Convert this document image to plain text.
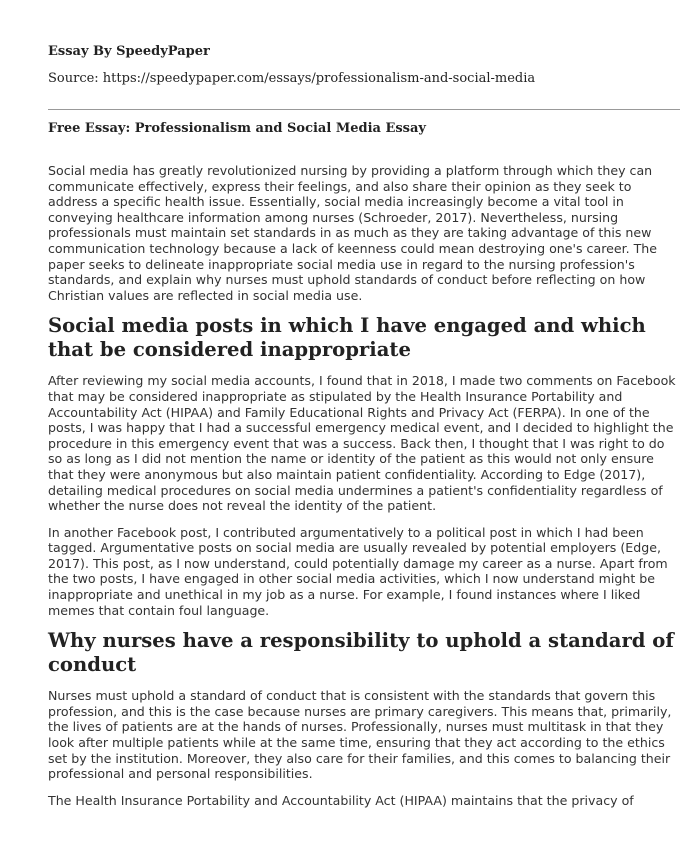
Essay By SpeedyPaper
Source: https://speedypaper.com/essays/professionalism-and-social-media
Free Essay: Professionalism and Social Media Essay

Social media has greatly revolutionized nursing by providing a platform through which they can communicate effectively, express their feelings, and also share their opinion as they seek to address a specific health issue. Essentially, social media increasingly become a vital tool in conveying healthcare information among nurses (Schroeder, 2017). Nevertheless, nursing professionals must maintain set standards in as much as they are taking advantage of this new communication technology because a lack of keenness could mean destroying one's career. The paper seeks to delineate inappropriate social media use in regard to the nursing profession's standards, and explain why nurses must uphold standards of conduct before reflecting on how Christian values are reflected in social media use.

Social media posts in which I have engaged and which that be considered inappropriate

After reviewing my social media accounts, I found that in 2018, I made two comments on Facebook that may be considered inappropriate as stipulated by the Health Insurance Portability and Accountability Act (HIPAA) and Family Educational Rights and Privacy Act (FERPA). In one of the posts, I was happy that I had a successful emergency medical event, and I decided to highlight the procedure in this emergency event that was a success. Back then, I thought that I was right to do so as long as I did not mention the name or identity of the patient as this would not only ensure that they were anonymous but also maintain patient confidentiality. According to Edge (2017), detailing medical procedures on social media undermines a patient's confidentiality regardless of whether the nurse does not reveal the identity of the patient.

In another Facebook post, I contributed argumentatively to a political post in which I had been tagged. Argumentative posts on social media are usually revealed by potential employers (Edge, 2017). This post, as I now understand, could potentially damage my career as a nurse. Apart from the two posts, I have engaged in other social media activities, which I now understand might be inappropriate and unethical in my job as a nurse. For example, I found instances where I liked memes that contain foul language.

Why nurses have a responsibility to uphold a standard of conduct

Nurses must uphold a standard of conduct that is consistent with the standards that govern this profession, and this is the case because nurses are primary caregivers. This means that, primarily, the lives of patients are at the hands of nurses. Professionally, nurses must multitask in that they look after multiple patients while at the same time, ensuring that they act according to the ethics set by the institution. Moreover, they also care for their families, and this comes to balancing their professional and personal responsibilities.

The Health Insurance Portability and Accountability Act (HIPAA) maintains that the privacy of
